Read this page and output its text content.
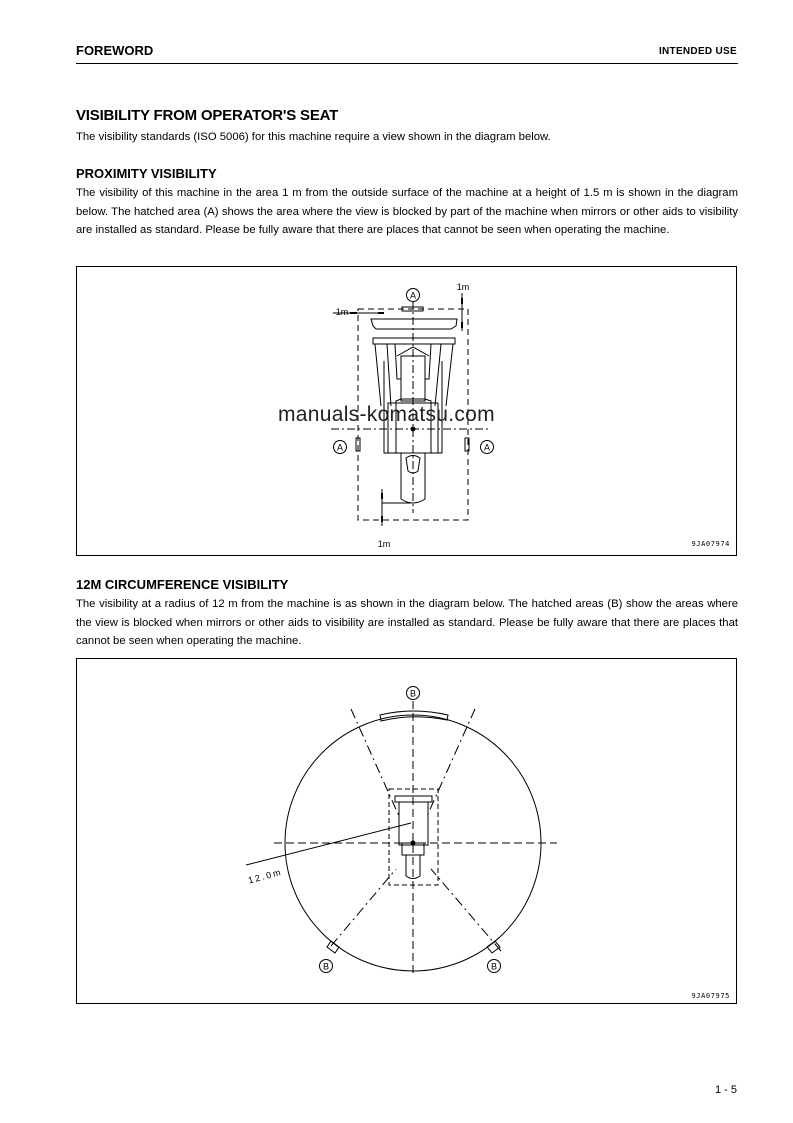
FOREWORD	INTENDED USE
VISIBILITY FROM OPERATOR'S SEAT
The visibility standards (ISO 5006) for this machine require a view shown in the diagram below.
PROXIMITY VISIBILITY
The visibility of this machine in the area 1 m from the outside surface of the machine at a height of 1.5 m is shown in the diagram below. The hatched area (A) shows the area where the view is blocked by part of the machine when mirrors or other aids to visibility are installed as standard. Please be fully aware that there are places that cannot be seen when operating the machine.
A
A	A
1m
1m
1m	9JA07974
manuals-komatsu.com
12M CIRCUMFERENCE VISIBILITY
The visibility at a radius of 12 m from the machine is as shown in the diagram below. The hatched areas (B) show the areas where the view is blocked when mirrors or other aids to visibility are installed as standard. Please be fully aware that there are places that cannot be seen when operating the machine.
B
B	B
12.0m
9JA07975
1 - 5
